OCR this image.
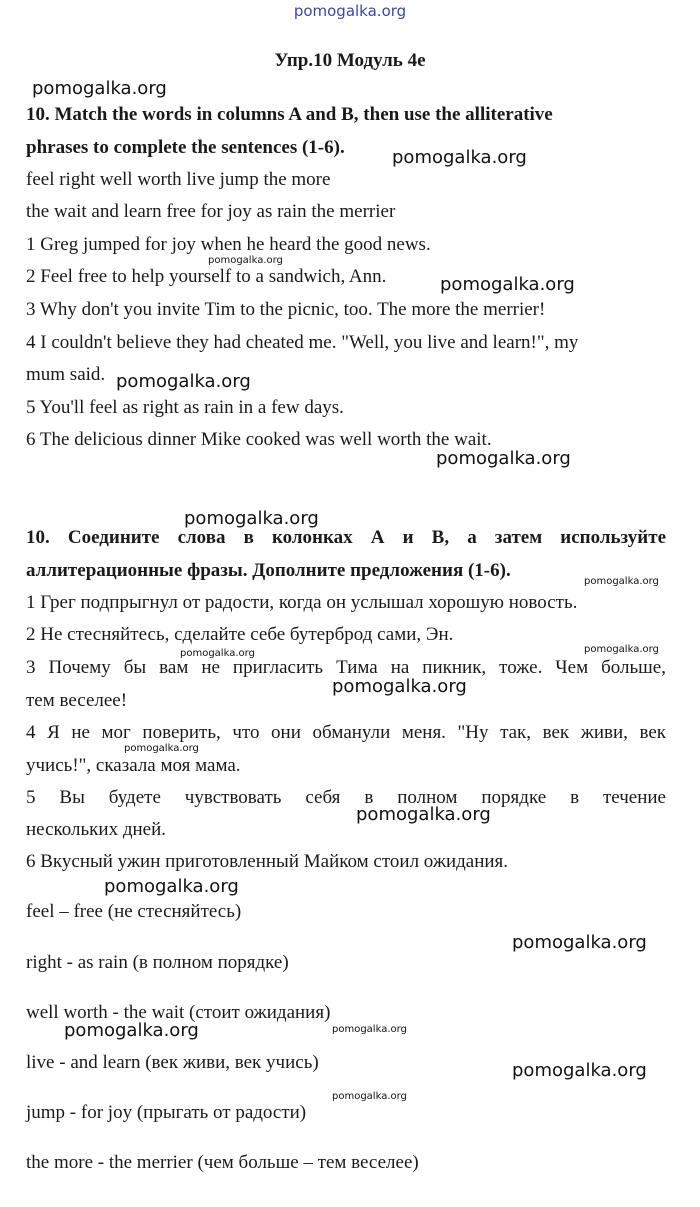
pomogalka.org
Упр.10 Модуль 4е
10. Match the words in columns A and B, then use the alliterative
phrases to complete the sentences (1-6).
feel right well worth live jump the more
the wait and learn free for joy as rain the merrier
1 Greg jumped for joy when he heard the good news.
2 Feel free to help yourself to a sandwich, Ann.
3 Why don't you invite Tim to the picnic, too. The more the merrier!
4 I couldn't believe they had cheated me. "Well, you live and learn!", my
mum said.
5 You'll feel as right as rain in a few days.
6 The delicious dinner Mike cooked was well worth the wait.
10. Соедините слова в колонках А и В, а затем используйте
аллитерационные фразы. Дополните предложения (1-6).
1 Грег подпрыгнул от радости, когда он услышал хорошую новость.
2 Не стесняйтесь, сделайте себе бутерброд сами, Эн.
3 Почему бы вам не пригласить Тима на пикник, тоже. Чем больше,
тем веселее!
4 Я не мог поверить, что они обманули меня. "Ну так, век живи, век
учись!", сказала моя мама.
5 Вы будете чувствовать себя в полном порядке в течение
нескольких дней.
6 Вкусный ужин приготовленный Майком стоил ожидания.
feel – free (не стесняйтесь)
right - as rain (в полном порядке)
well worth - the wait (стоит ожидания)
live - and learn (век живи, век учись)
jump - for joy (прыгать от радости)
the more - the merrier (чем больше – тем веселее)
pomogalka.org
pomogalka.org
pomogalka.org
pomogalka.org
pomogalka.org
pomogalka.org
pomogalka.org
pomogalka.org
pomogalka.org	pomogalka.org
pomogalka.org
pomogalka.org
pomogalka.org
pomogalka.org
pomogalka.org
pomogalka.org	pomogalka.org
pomogalka.org
pomogalka.org
